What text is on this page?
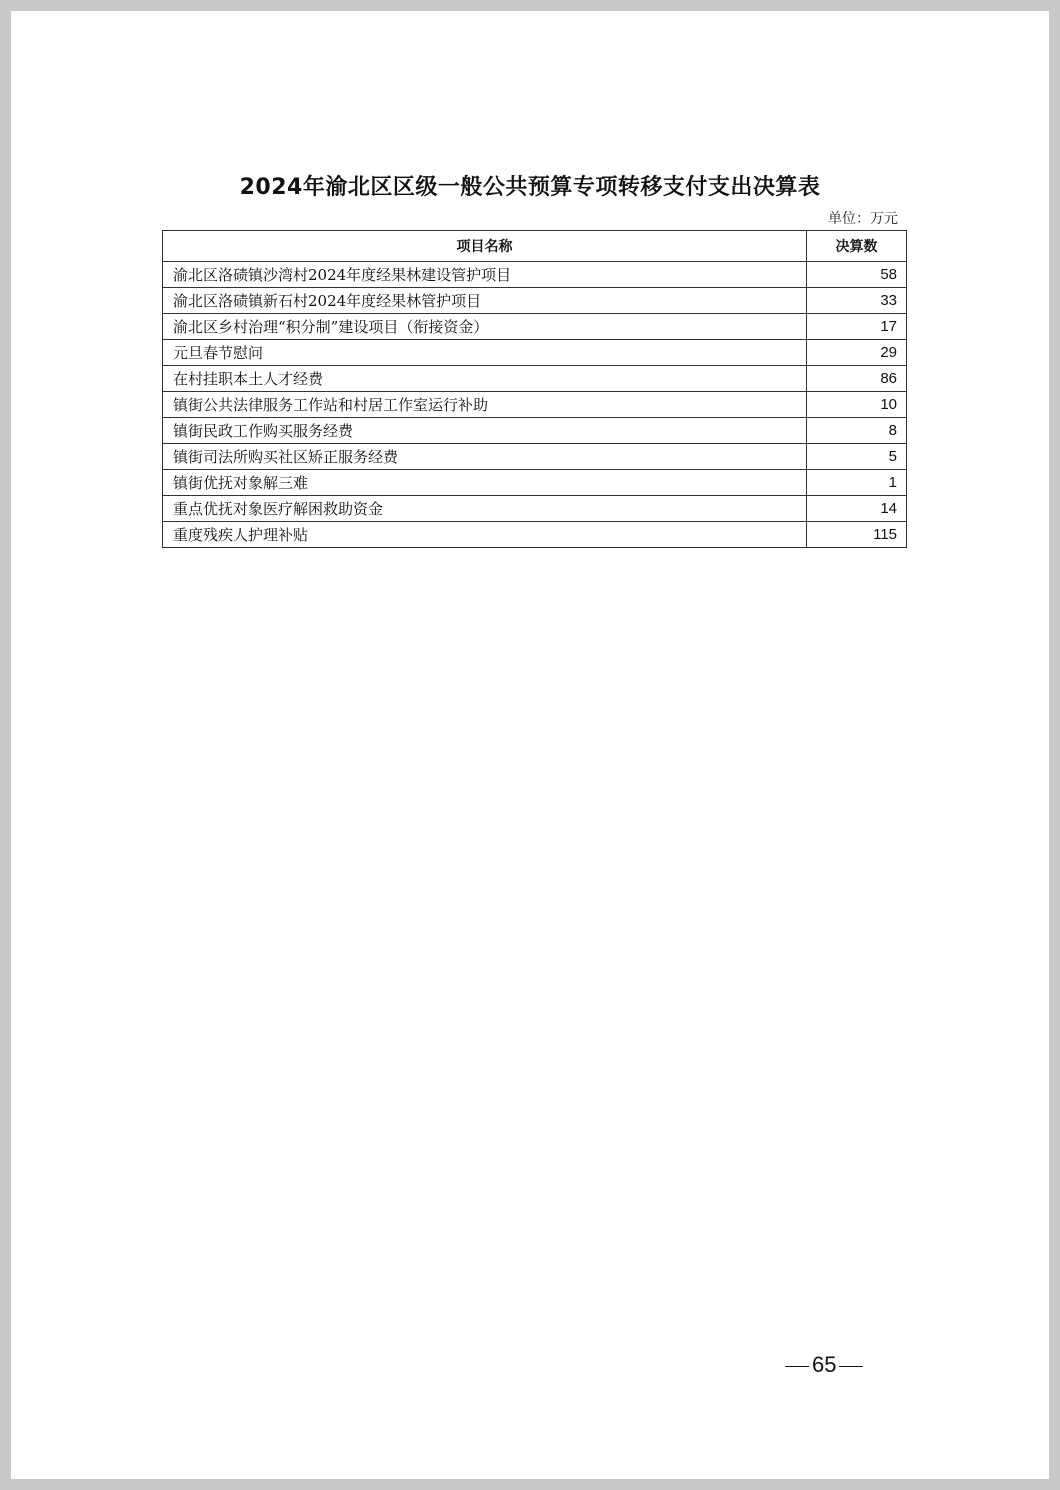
2024年渝北区区级一般公共预算专项转移支付支出决算表
单位：万元
项目名称	决算数
渝北区洛碛镇沙湾村2024年度经果林建设管护项目	58
渝北区洛碛镇新石村2024年度经果林管护项目	33
渝北区乡村治理“积分制”建设项目（衔接资金）	17
元旦春节慰问	29
在村挂职本土人才经费	86
镇街公共法律服务工作站和村居工作室运行补助	10
镇街民政工作购买服务经费	8
镇街司法所购买社区矫正服务经费	5
镇街优抚对象解三难	1
重点优抚对象医疗解困救助资金	14
重度残疾人护理补贴	115
65
